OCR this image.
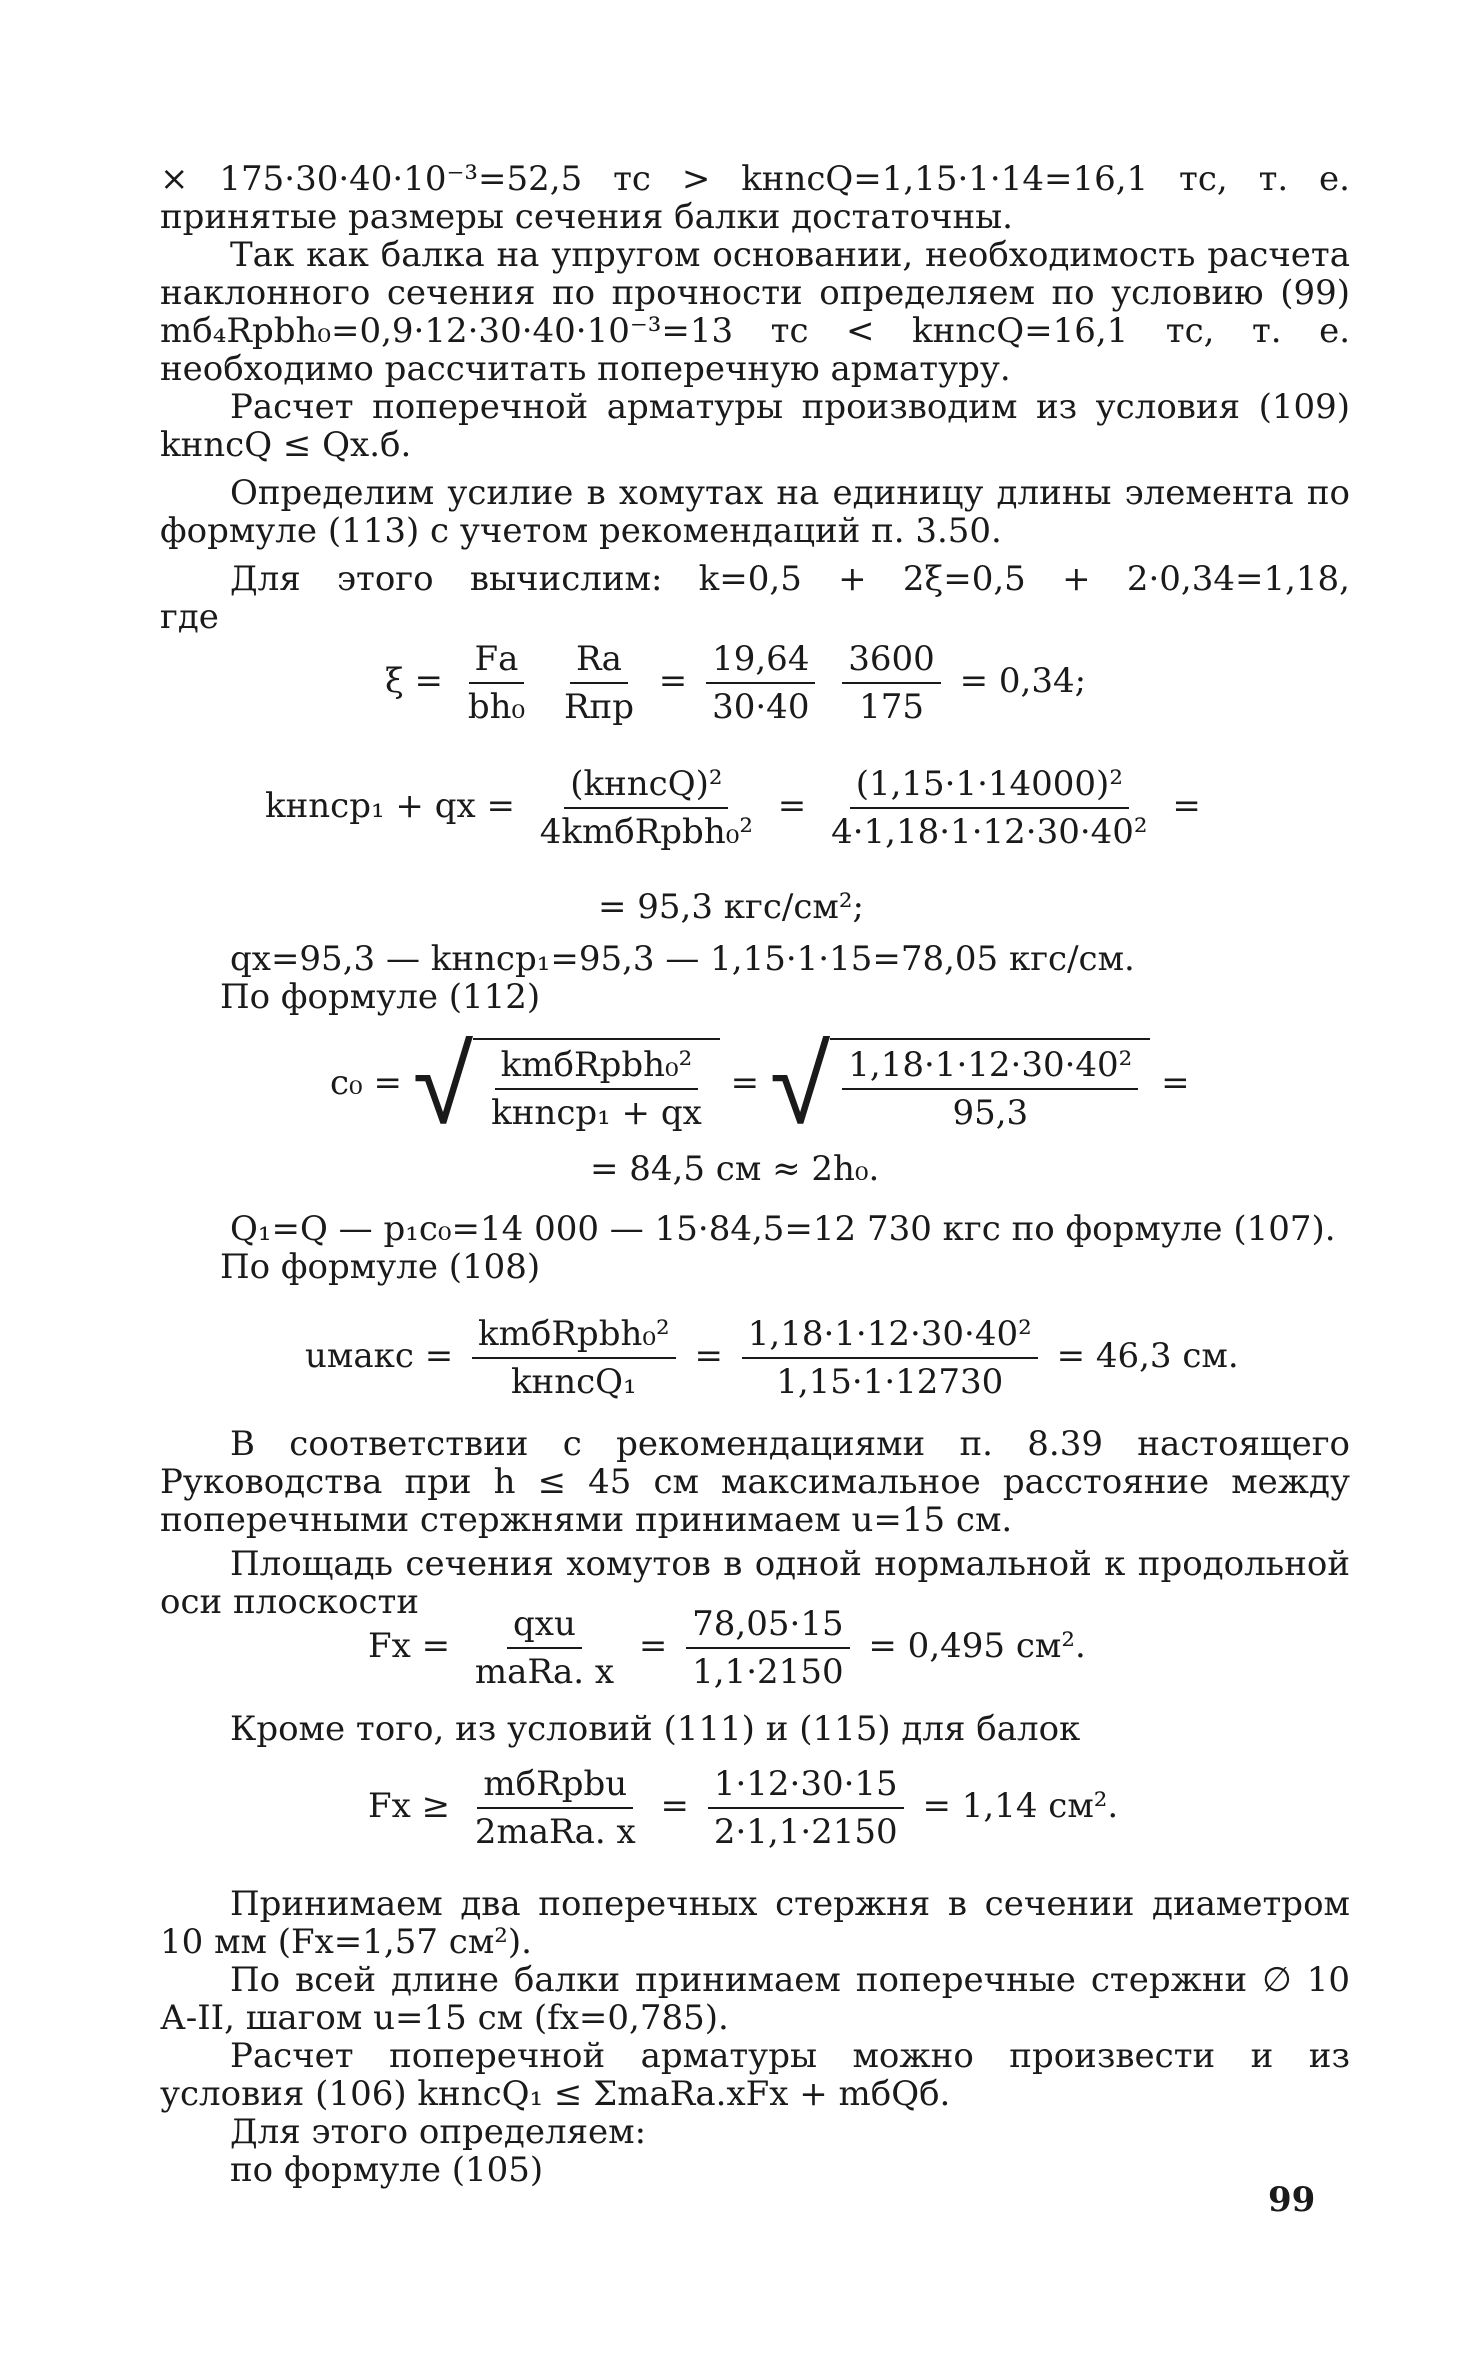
× 175·30·40·10⁻³=52,5 тс > kнncQ=1,15·1·14=16,1 тс, т. е. принятые размеры сечения балки достаточны.

Так как балка на упругом основании, необходимость расчета наклонного сечения по прочности определяем по условию (99) mб₄Rpbh₀=0,9·12·30·40·10⁻³=13 тс < kнncQ=16,1 тс, т. е. необходимо рассчитать поперечную арматуру.

Расчет поперечной арматуры производим из условия (109) kнncQ ≤ Qх.б.

Определим усилие в хомутах на единицу длины элемента по формуле (113) с учетом рекомендаций п. 3.50.

Для этого вычислим: k=0,5 + 2ξ=0,5 + 2·0,34=1,18,

где

$\xi = \frac{Fа}{\text{bh₀}}$
$\frac{Rа}{\text{Rпр}} = \frac{19,64}{30\cdot 40}$
$\frac{3600}{175} = 0,34$;
kнncp₁ + qх = $\frac{\text{(kнncQ)²}}{\text{4kmбRpbh₀²}} = \frac{\text{(1,15·1·14000)²}}{\text{4·1,18·1·12·30·40²}}$ =
= 95,3 кгс/см²;

qх=95,3 — kнncp₁=95,3 — 1,15·1·15=78,05 кгс/см.

По формуле (112)

c₀ = √ $\frac{\text{kmбRpbh₀²}}{\text{kнncp₁ + qх}}$ = √ $\frac{\text{1,18·1·12·30·40²}}{95,3}$ =
= 84,5 см ≈ 2h₀.

Q₁=Q — p₁c₀=14 000 — 15·84,5=12 730 кгс по формуле (107).

По формуле (108)

uмакс = $\frac{\text{kmбRpbh₀²}}{\text{kнncQ₁}} = \frac{\text{1,18·1·12·30·40²}}{1,15\cdot 1\cdot 12730} = 46,3$ см.

В соответствии с рекомендациями п. 8.39 настоящего Руководства при h ≤ 45 см максимальное расстояние между поперечными стержнями принимаем u=15 см.

Площадь сечения хомутов в одной нормальной к продольной оси плоскости

Fх = $\frac{\text{qхu}}{\text{mаRа. х}} = \frac{78,05\cdot 15}{1,1\cdot 2150} = 0,495$ см².

Кроме того, из условий (111) и (115) для балок

Fх ≥ $\frac{\text{mбRpbu}}{\text{2mаRа. х}} = \frac{1\cdot 12\cdot 30\cdot 15}{2\cdot 1,1\cdot 2150} = 1,14$ см².

Принимаем два поперечных стержня в сечении диаметром 10 мм (Fх=1,57 см²).

По всей длине балки принимаем поперечные стержни ∅ 10 А-II, шагом u=15 см (fх=0,785).

Расчет поперечной арматуры можно произвести и из условия (106) kнncQ₁ ≤ ΣmаRа.хFх + mбQб.

Для этого определяем:

по формуле (105)

99
